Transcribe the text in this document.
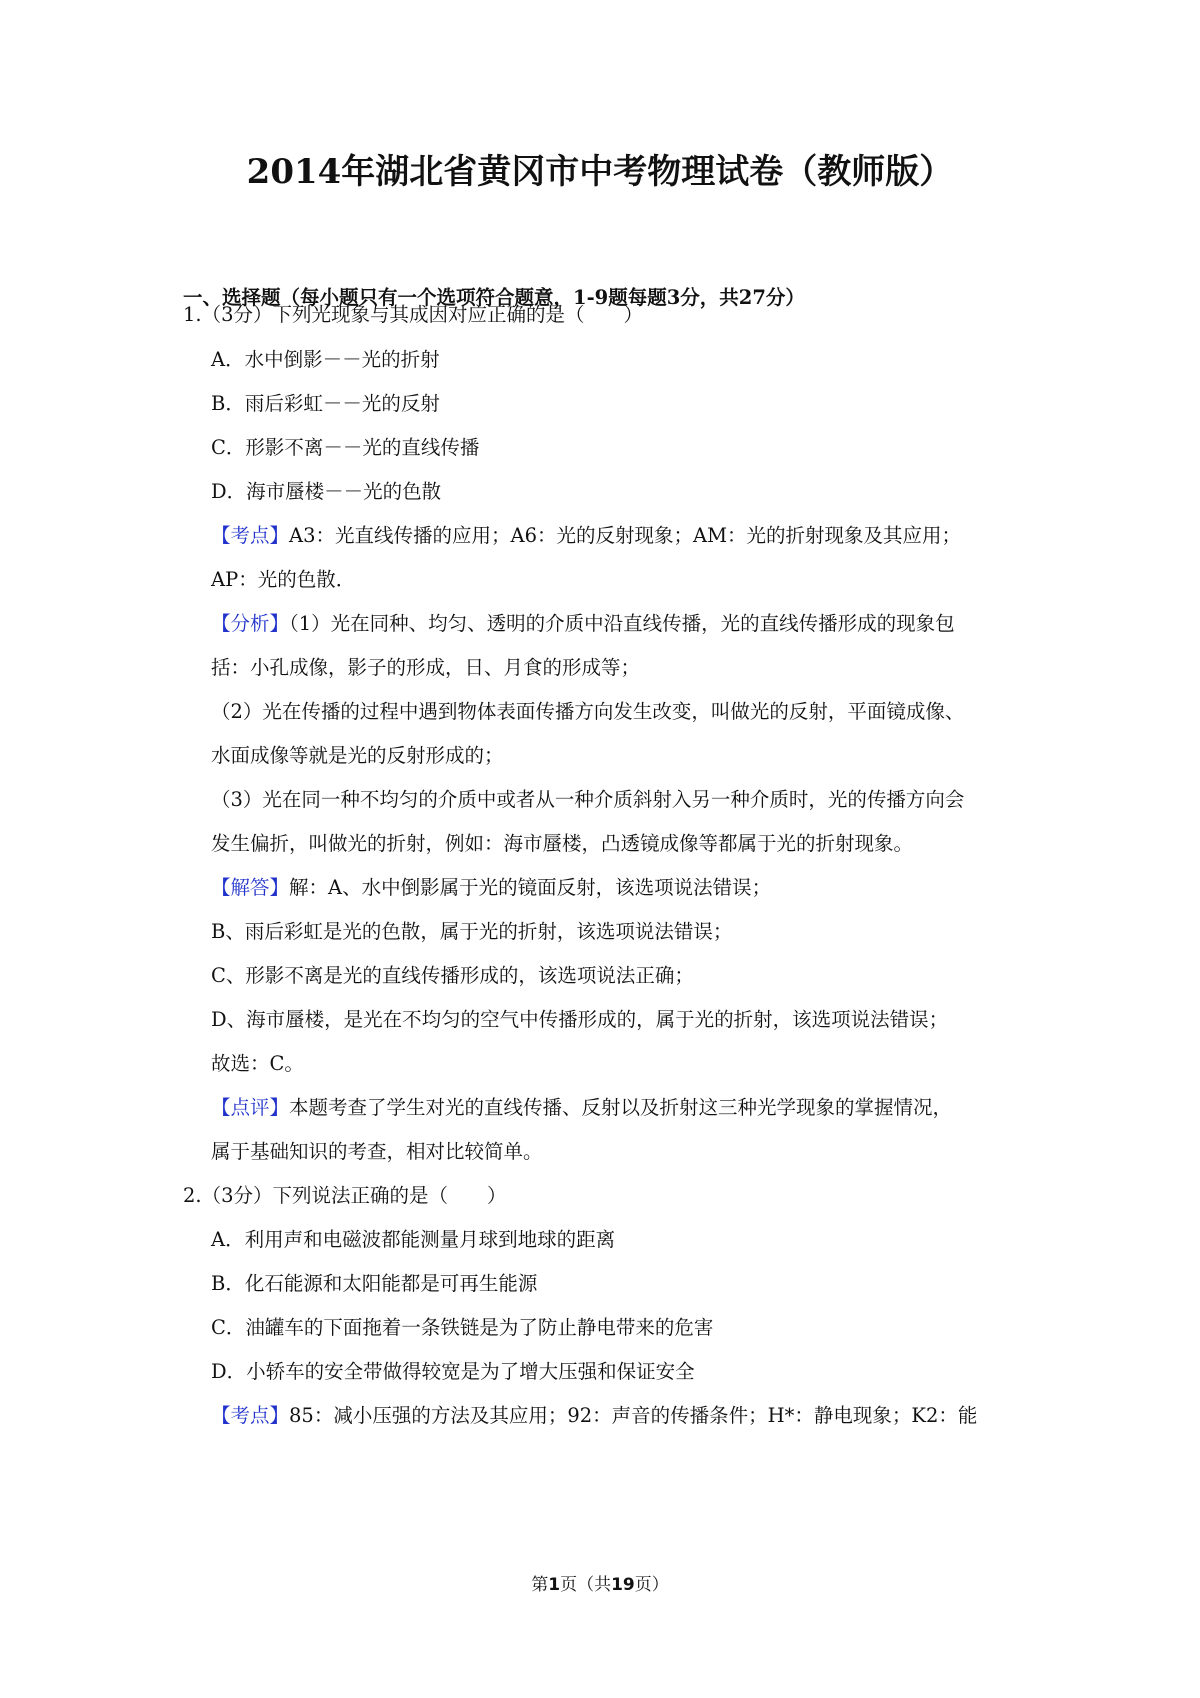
2014年湖北省黄冈市中考物理试卷（教师版）
一、选择题（每小题只有一个选项符合题意，1-9题每题3分，共27分）
1.（3分）下列光现象与其成因对应正确的是（　　）
A．水中倒影－－光的折射
B．雨后彩虹－－光的反射
C．形影不离－－光的直线传播
D．海市蜃楼－－光的色散
【考点】A3：光直线传播的应用；A6：光的反射现象；AM：光的折射现象及其应用；
AP：光的色散．
【分析】（1）光在同种、均匀、透明的介质中沿直线传播，光的直线传播形成的现象包
括：小孔成像，影子的形成，日、月食的形成等；
（2）光在传播的过程中遇到物体表面传播方向发生改变，叫做光的反射，平面镜成像、
水面成像等就是光的反射形成的；
（3）光在同一种不均匀的介质中或者从一种介质斜射入另一种介质时，光的传播方向会
发生偏折，叫做光的折射，例如：海市蜃楼，凸透镜成像等都属于光的折射现象。
【解答】解：A、水中倒影属于光的镜面反射，该选项说法错误；
B、雨后彩虹是光的色散，属于光的折射，该选项说法错误；
C、形影不离是光的直线传播形成的，该选项说法正确；
D、海市蜃楼，是光在不均匀的空气中传播形成的，属于光的折射，该选项说法错误；
故选：C。
【点评】本题考查了学生对光的直线传播、反射以及折射这三种光学现象的掌握情况，
属于基础知识的考查，相对比较简单。
2.（3分）下列说法正确的是（　　）
A．利用声和电磁波都能测量月球到地球的距离
B．化石能源和太阳能都是可再生能源
C．油罐车的下面拖着一条铁链是为了防止静电带来的危害
D．小轿车的安全带做得较宽是为了增大压强和保证安全
【考点】85：减小压强的方法及其应用；92：声音的传播条件；H*：静电现象；K2：能
第1页（共19页）
